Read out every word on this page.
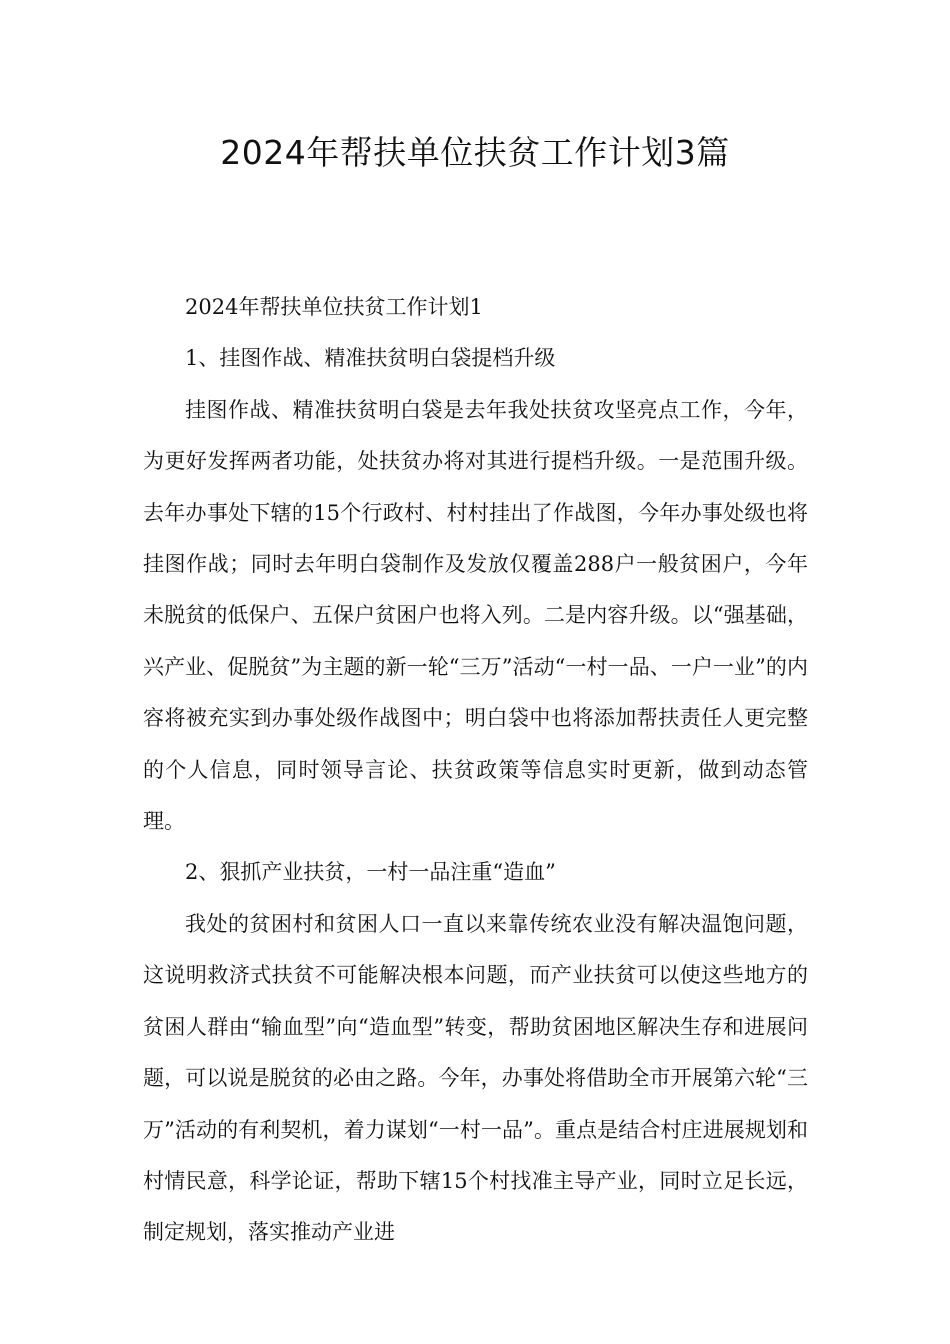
2024年帮扶单位扶贫工作计划3篇

2024年帮扶单位扶贫工作计划1

1、挂图作战、精准扶贫明白袋提档升级

挂图作战、精准扶贫明白袋是去年我处扶贫攻坚亮点工作，今年，为更好发挥两者功能，处扶贫办将对其进行提档升级。一是范围升级。去年办事处下辖的15个行政村、村村挂出了作战图，今年办事处级也将挂图作战；同时去年明白袋制作及发放仅覆盖288户一般贫困户，今年未脱贫的低保户、五保户贫困户也将入列。二是内容升级。以“强基础，兴产业、促脱贫”为主题的新一轮“三万”活动“一村一品、一户一业”的内容将被充实到办事处级作战图中；明白袋中也将添加帮扶责任人更完整的个人信息，同时领导言论、扶贫政策等信息实时更新，做到动态管理。

2、狠抓产业扶贫，一村一品注重“造血”

我处的贫困村和贫困人口一直以来靠传统农业没有解决温饱问题，这说明救济式扶贫不可能解决根本问题，而产业扶贫可以使这些地方的贫困人群由“输血型”向“造血型”转变，帮助贫困地区解决生存和进展问题，可以说是脱贫的必由之路。今年，办事处将借助全市开展第六轮“三万”活动的有利契机，着力谋划“一村一品”。重点是结合村庄进展规划和村情民意，科学论证，帮助下辖15个村找准主导产业，同时立足长远，制定规划，落实推动产业进
